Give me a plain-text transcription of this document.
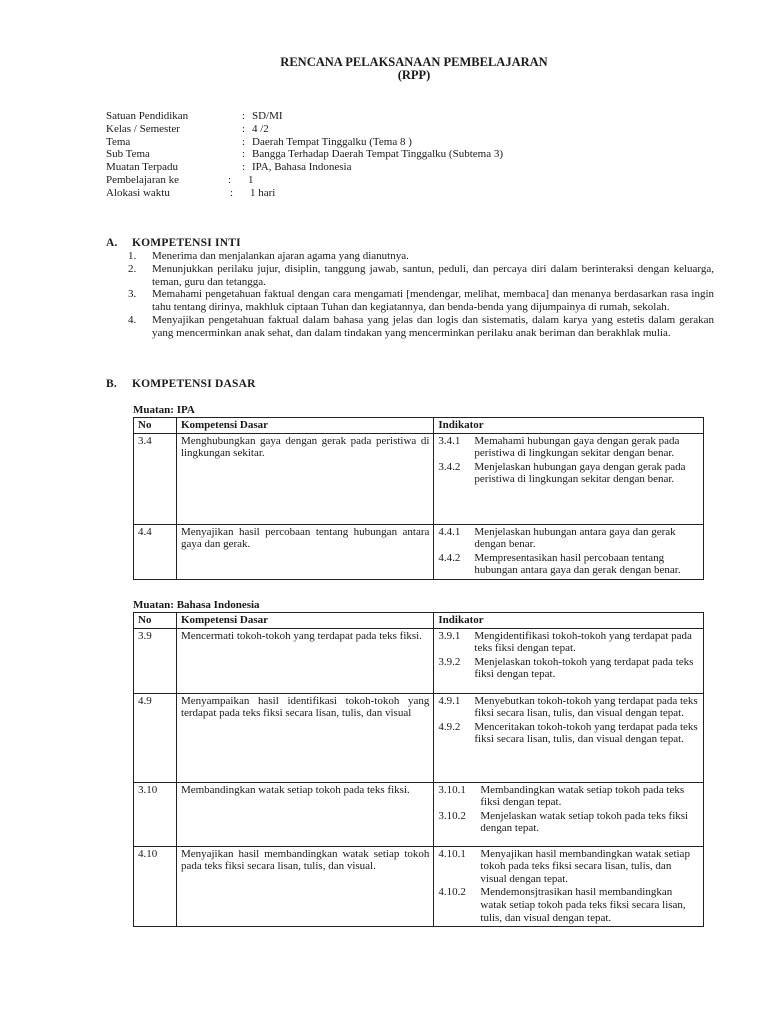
RENCANA PELAKSANAAN PEMBELAJARAN
(RPP)
Satuan Pendidikan	: SD/MI
Kelas / Semester	: 4 /2
Tema	: Daerah Tempat Tinggalku (Tema 8 )
Sub Tema	: Bangga Terhadap Daerah Tempat Tinggalku (Subtema 3)
Muatan Terpadu	: IPA, Bahasa Indonesia
Pembelajaran ke	:	1
Alokasi waktu	:	1 hari
A. KOMPETENSI INTI
1.	Menerima dan menjalankan ajaran agama yang dianutnya.
2.	Menunjukkan perilaku jujur, disiplin, tanggung jawab, santun, peduli, dan percaya diri dalam berinteraksi dengan keluarga, teman, guru dan tetangga.
3.	Memahami pengetahuan faktual dengan cara mengamati [mendengar, melihat, membaca] dan menanya berdasarkan rasa ingin tahu tentang dirinya, makhluk ciptaan Tuhan dan kegiatannya, dan benda-benda yang dijumpainya di rumah, sekolah.
4.	Menyajikan pengetahuan faktual dalam bahasa yang jelas dan logis dan sistematis, dalam karya yang estetis dalam gerakan yang mencerminkan anak sehat, dan dalam tindakan yang mencerminkan perilaku anak beriman dan berakhlak mulia.
B. KOMPETENSI DASAR
Muatan: IPA
No	Kompetensi Dasar	Indikator
3.4	Menghubungkan gaya dengan gerak pada peristiwa di lingkungan sekitar.	3.4.1 Memahami hubungan gaya dengan gerak pada peristiwa di lingkungan sekitar dengan benar.
3.4.2 Menjelaskan hubungan gaya dengan gerak pada peristiwa di lingkungan sekitar dengan benar.

4.4	Menyajikan hasil percobaan tentang hubungan antara gaya dan gerak.	4.4.1 Menjelaskan hubungan antara gaya dan gerak dengan benar.
4.4.2 Mempresentasikan hasil percobaan tentang hubungan antara gaya dan gerak dengan benar.
Muatan: Bahasa Indonesia
No	Kompetensi Dasar	Indikator
3.9	Mencermati tokoh-tokoh yang terdapat pada teks fiksi.	3.9.1 Mengidentifikasi tokoh-tokoh yang terdapat pada teks fiksi dengan tepat.
3.9.2 Menjelaskan tokoh-tokoh yang terdapat pada teks fiksi dengan tepat.

4.9	Menyampaikan hasil identifikasi tokoh-tokoh yang terdapat pada teks fiksi secara lisan, tulis, dan visual	4.9.1 Menyebutkan tokoh-tokoh yang terdapat pada teks fiksi secara lisan, tulis, dan visual dengan tepat.
4.9.2 Menceritakan tokoh-tokoh yang terdapat pada teks fiksi secara lisan, tulis, dan visual dengan tepat.

3.10	Membandingkan watak setiap tokoh pada teks fiksi.	3.10.1 Membandingkan watak setiap tokoh pada teks fiksi dengan tepat.
3.10.2 Menjelaskan watak setiap tokoh pada teks fiksi dengan tepat.

4.10	Menyajikan hasil membandingkan watak setiap tokoh pada teks fiksi secara lisan, tulis, dan visual.	4.10.1 Menyajikan hasil membandingkan watak setiap tokoh pada teks fiksi secara lisan, tulis, dan visual dengan tepat.
4.10.2 Mendemonsjtrasikan hasil membandingkan watak setiap tokoh pada teks fiksi secara lisan, tulis, dan visual dengan tepat.
